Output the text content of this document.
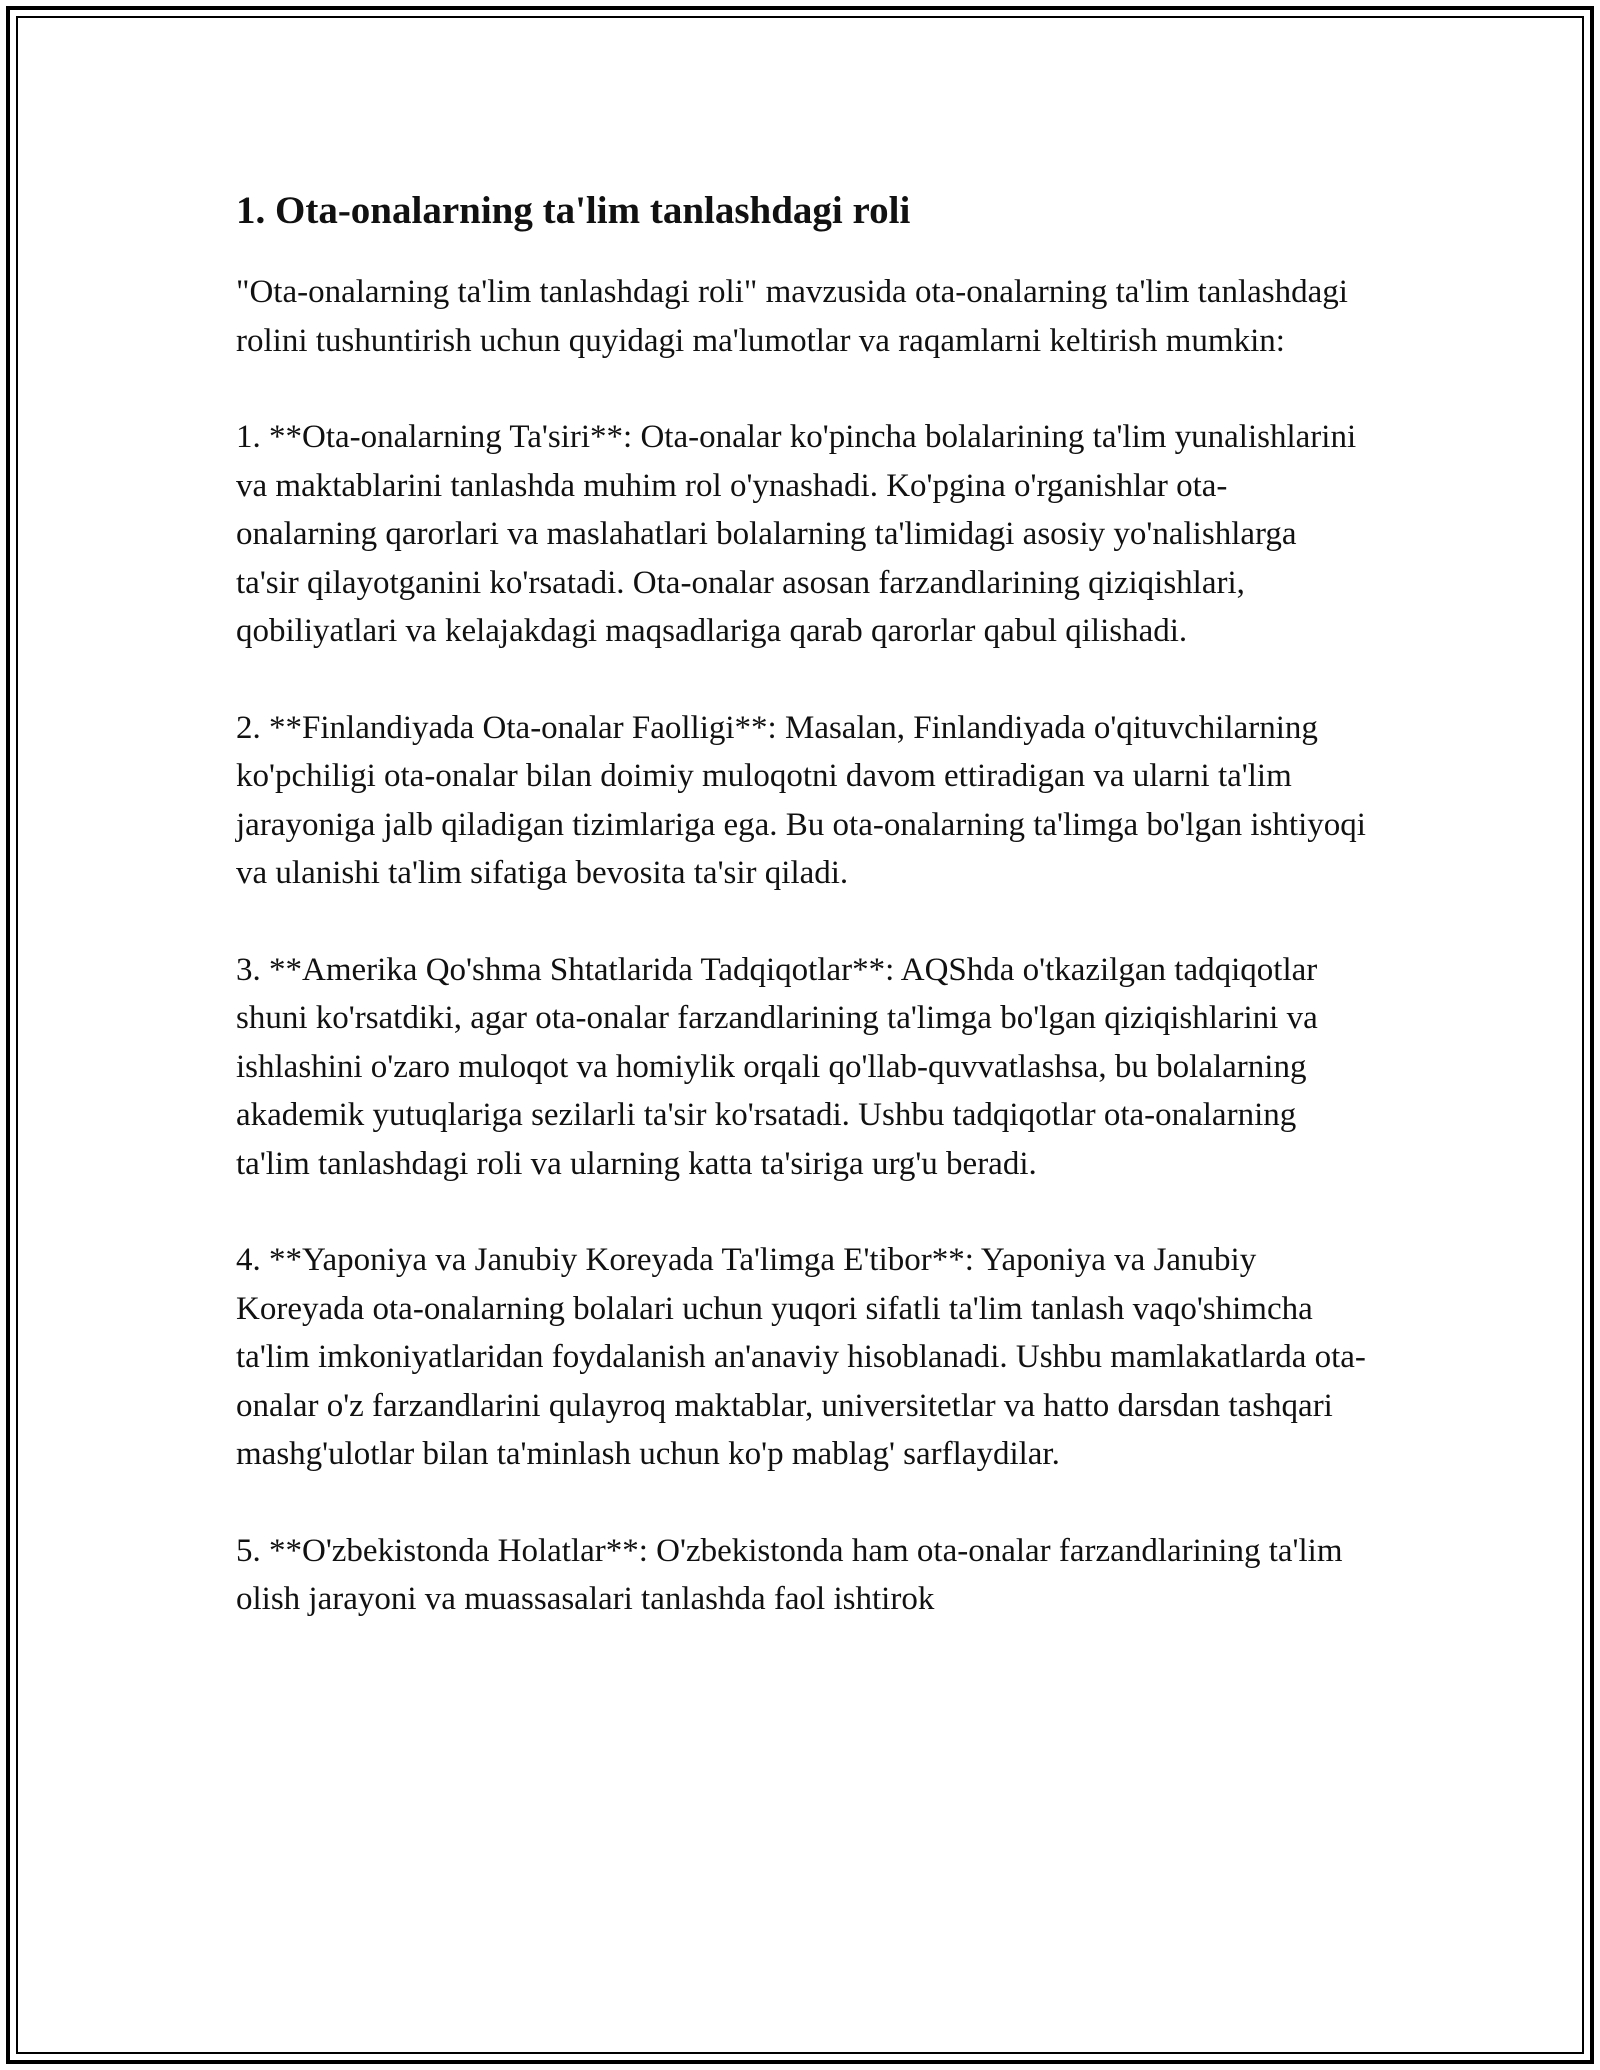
1. Ota-onalarning ta'lim tanlashdagi roli

"Ota-onalarning ta'lim tanlashdagi roli" mavzusida ota-onalarning ta'lim tanlashdagi rolini tushuntirish uchun quyidagi ma'lumotlar va raqamlarni keltirish mumkin:

1. **Ota-onalarning Ta'siri**: Ota-onalar ko'pincha bolalarining ta'lim yunalishlarini va maktablarini tanlashda muhim rol o'ynashadi. Ko'pgina o'rganishlar ota-onalarning qarorlari va maslahatlari bolalarning ta'limidagi asosiy yo'nalishlarga ta'sir qilayotganini ko'rsatadi. Ota-onalar asosan farzandlarining qiziqishlari, qobiliyatlari va kelajakdagi maqsadlariga qarab qarorlar qabul qilishadi.

2. **Finlandiyada Ota-onalar Faolligi**: Masalan, Finlandiyada o'qituvchilarning ko'pchiligi ota-onalar bilan doimiy muloqotni davom ettiradigan va ularni ta'lim jarayoniga jalb qiladigan tizimlariga ega. Bu ota-onalarning ta'limga bo'lgan ishtiyoqi va ulanishi ta'lim sifatiga bevosita ta'sir qiladi.

3. **Amerika Qo'shma Shtatlarida Tadqiqotlar**: AQShda o'tkazilgan tadqiqotlar shuni ko'rsatdiki, agar ota-onalar farzandlarining ta'limga bo'lgan qiziqishlarini va ishlashini o'zaro muloqot va homiylik orqali qo'llab-quvvatlashsa, bu bolalarning akademik yutuqlariga sezilarli ta'sir ko'rsatadi. Ushbu tadqiqotlar ota-onalarning ta'lim tanlashdagi roli va ularning katta ta'siriga urg'u beradi.

4. **Yaponiya va Janubiy Koreyada Ta'limga E'tibor**: Yaponiya va Janubiy Koreyada ota-onalarning bolalari uchun yuqori sifatli ta'lim tanlash vaqo'shimcha ta'lim imkoniyatlaridan foydalanish an'anaviy hisoblanadi. Ushbu mamlakatlarda ota-onalar o'z farzandlarini qulayroq maktablar, universitetlar va hatto darsdan tashqari mashg'ulotlar bilan ta'minlash uchun ko'p mablag' sarflaydilar.

5. **O'zbekistonda Holatlar**: O'zbekistonda ham ota-onalar farzandlarining ta'lim olish jarayoni va muassasalari tanlashda faol ishtirok
